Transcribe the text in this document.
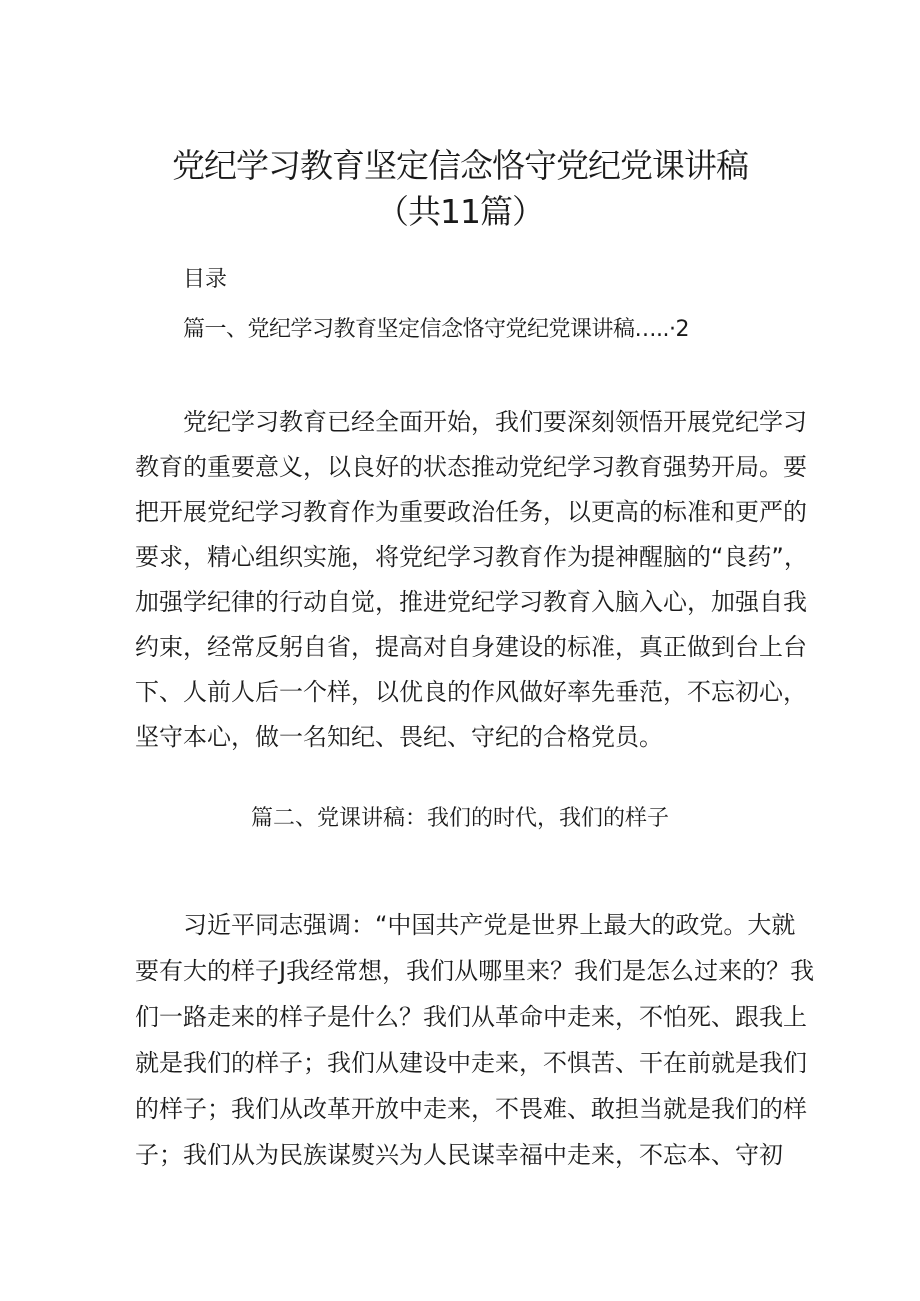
党纪学习教育坚定信念恪守党纪党课讲稿
（共11篇）
目录
篇一、党纪学习教育坚定信念恪守党纪党课讲稿…..·2
党纪学习教育已经全面开始，我们要深刻领悟开展党纪学习
教育的重要意义，以良好的状态推动党纪学习教育强势开局。要
把开展党纪学习教育作为重要政治任务，以更高的标准和更严的
要求，精心组织实施，将党纪学习教育作为提神醒脑的“良药”，
加强学纪律的行动自觉，推进党纪学习教育入脑入心，加强自我
约束，经常反躬自省，提高对自身建设的标准，真正做到台上台
下、人前人后一个样，以优良的作风做好率先垂范，不忘初心，
坚守本心，做一名知纪、畏纪、守纪的合格党员。
篇二、党课讲稿：我们的时代，我们的样子
习近平同志强调：“中国共产党是世界上最大的政党。大就
要有大的样子J我经常想，我们从哪里来？我们是怎么过来的？我
们一路走来的样子是什么？我们从革命中走来，不怕死、跟我上
就是我们的样子；我们从建设中走来，不惧苦、干在前就是我们
的样子；我们从改革开放中走来，不畏难、敢担当就是我们的样
子；我们从为民族谋熨兴为人民谋幸福中走来，不忘本、守初
